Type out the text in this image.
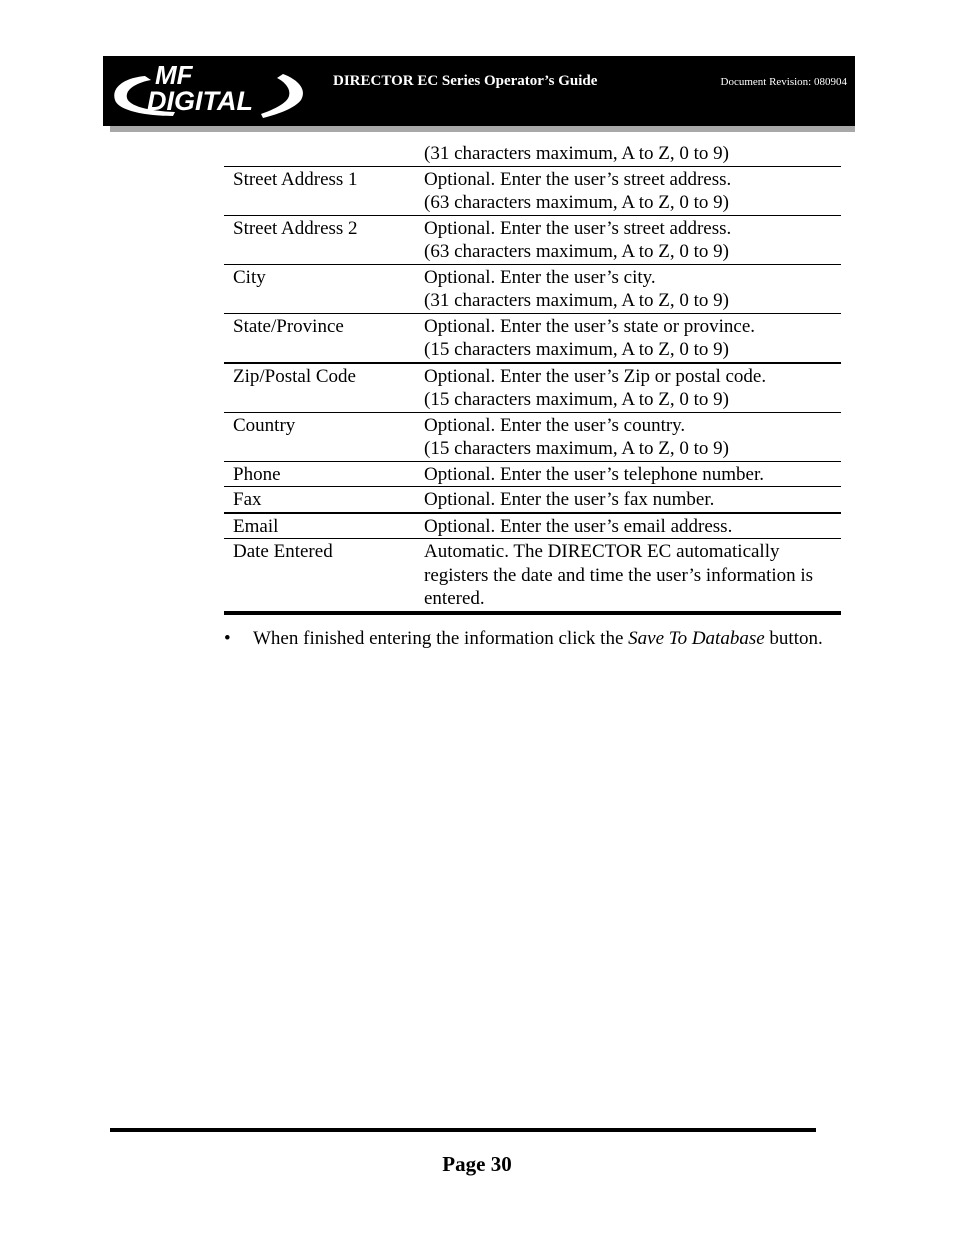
MF
DIGITAL
DIRECTOR EC Series Operator’s Guide	Document Revision: 080904

	(31 characters maximum, A to Z, 0 to 9)

Street Address 1	Optional. Enter the user’s street address.
(63 characters maximum, A to Z, 0 to 9)

Street Address 2	Optional. Enter the user’s street address.
(63 characters maximum, A to Z, 0 to 9)

City	Optional. Enter the user’s city.
(31 characters maximum, A to Z, 0 to 9)

State/Province	Optional. Enter the user’s state or province.
(15 characters maximum, A to Z, 0 to 9)

Zip/Postal Code	Optional. Enter the user’s Zip or postal code.
(15 characters maximum, A to Z, 0 to 9)

Country	Optional. Enter the user’s country.
(15 characters maximum, A to Z, 0 to 9)

Phone	Optional. Enter the user’s telephone number.

Fax	Optional. Enter the user’s fax number.

Email	Optional. Enter the user’s email address.

Date Entered	Automatic. The DIRECTOR EC automatically registers the date and time the user’s information is entered.
•	When finished entering the information click the Save To Database button.
Page 30
